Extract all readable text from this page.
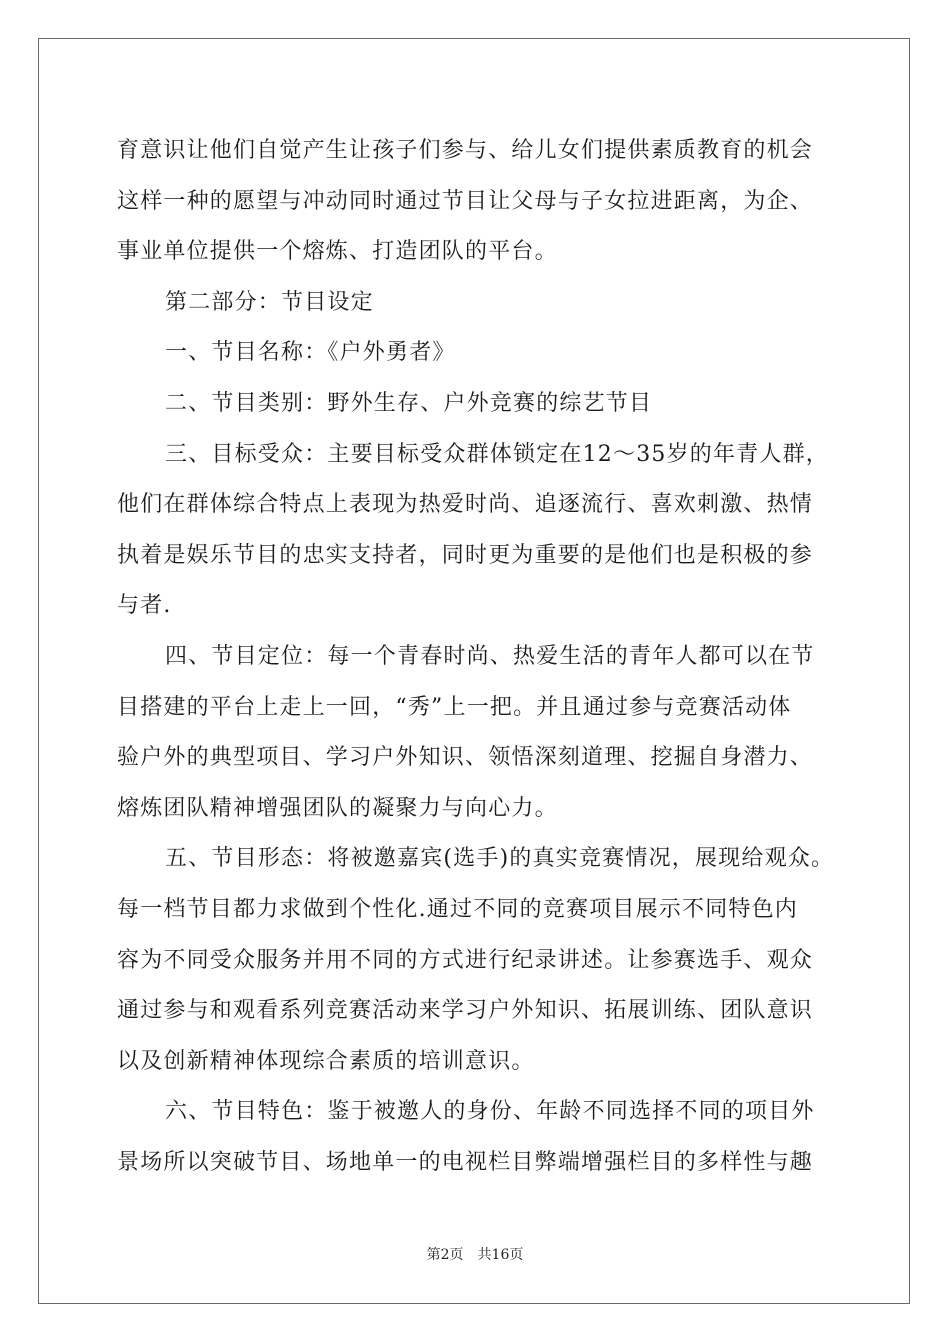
育意识让他们自觉产生让孩子们参与、给儿女们提供素质教育的机会
这样一种的愿望与冲动同时通过节目让父母与子女拉进距离，为企、
事业单位提供一个熔炼、打造团队的平台。
第二部分：节目设定
一、节目名称：《户外勇者》
二、节目类别：野外生存、户外竞赛的综艺节目
三、目标受众：主要目标受众群体锁定在12～35岁的年青人群，
他们在群体综合特点上表现为热爱时尚、追逐流行、喜欢刺激、热情
执着是娱乐节目的忠实支持者，同时更为重要的是他们也是积极的参
与者.
四、节目定位：每一个青春时尚、热爱生活的青年人都可以在节
目搭建的平台上走上一回，“秀”上一把。并且通过参与竞赛活动体
验户外的典型项目、学习户外知识、领悟深刻道理、挖掘自身潜力、
熔炼团队精神增强团队的凝聚力与向心力。
五、节目形态：将被邀嘉宾(选手)的真实竞赛情况，展现给观众。
每一档节目都力求做到个性化.通过不同的竞赛项目展示不同特色内
容为不同受众服务并用不同的方式进行纪录讲述。让参赛选手、观众
通过参与和观看系列竞赛活动来学习户外知识、拓展训练、团队意识
以及创新精神体现综合素质的培训意识。
六、节目特色：鉴于被邀人的身份、年龄不同选择不同的项目外
景场所以突破节目、场地单一的电视栏目弊端增强栏目的多样性与趣
第2页　共16页
